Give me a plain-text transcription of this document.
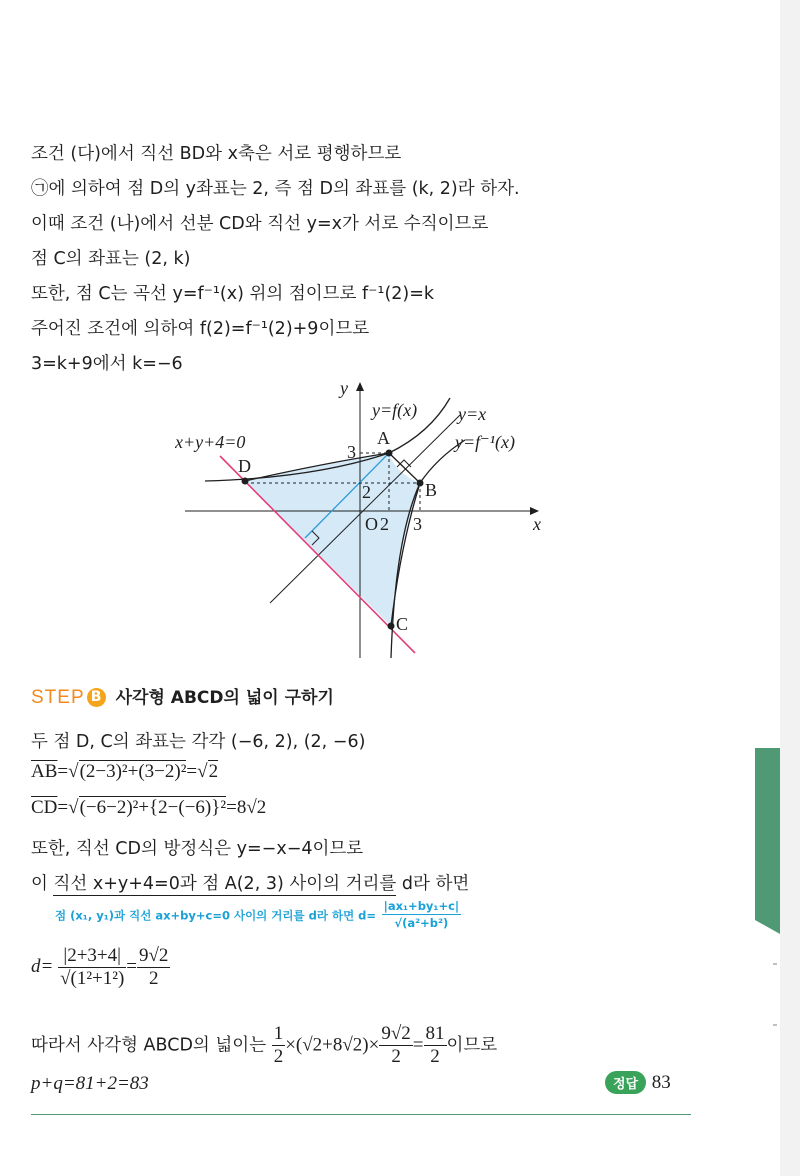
조건 (다)에서 직선 BD와 x축은 서로 평행하므로
㉠에 의하여 점 D의 y좌표는 2, 즉 점 D의 좌표를 (k, 2)라 하자.
이때 조건 (나)에서 선분 CD와 직선 y=x가 서로 수직이므로
점 C의 좌표는 (2, k)
또한, 점 C는 곡선 y=f⁻¹(x) 위의 점이므로 f⁻¹(2)=k
주어진 조건에 의하여 f(2)=f⁻¹(2)+9이므로
3=k+9에서 k=−6
y
x
O
y=f(x) y=x
y=f⁻¹(x)
x+y+4=0	A
B
C
D
3
2
2 3
STEP B 사각형 ABCD의 넓이 구하기
두 점 D, C의 좌표는 각각 (−6, 2), (2, −6)
$\overline{AB}=√(2-3)^2+(3-2)^2=√2$
$\overline{CD}=√(-6-2)^2+\{2-(-6)\}^2=8√2$
또한, 직선 CD의 방정식은 y=−x−4이므로
이 직선 x+y+4=0과 점 A(2, 3) 사이의 거리를 d라 하면
점 (x₁, y₁)과 직선 ax+by+c=0 사이의 거리를 d라 하면 $d= \frac{\text{|ax₁+by₁+c|}}{\text{√(a²+b²)}}$
$d= \frac{|2+3+4|}{\text{√(1²+1²)}} = \frac{9√2}{2}$
따라서 사각형 ABCD의 넓이는 $\frac{1}{2} \times(√2+8√2)\times \frac{9√2}{2} = \frac{81}{2}$ 이므로
p+q=81+2=83	정답 83
